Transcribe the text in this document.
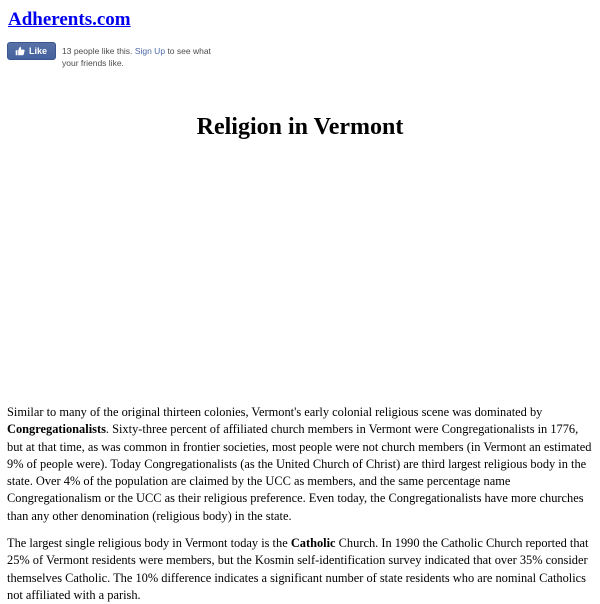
Adherents.com
Like 13 people like this. Sign Up to see what your friends like.
Religion in Vermont

Similar to many of the original thirteen colonies, Vermont's early colonial religious scene was dominated by Congregationalists. Sixty-three percent of affiliated church members in Vermont were Congregationalists in 1776, but at that time, as was common in frontier societies, most people were not church members (in Vermont an estimated 9% of people were). Today Congregationalists (as the United Church of Christ) are third largest religious body in the state. Over 4% of the population are claimed by the UCC as members, and the same percentage name Congregationalism or the UCC as their religious preference. Even today, the Congregationalists have more churches than any other denomination (religious body) in the state.

The largest single religious body in Vermont today is the Catholic Church. In 1990 the Catholic Church reported that 25% of Vermont residents were members, but the Kosmin self-identification survey indicated that over 35% consider themselves Catholic. The 10% difference indicates a significant number of state residents who are nominal Catholics not affiliated with a parish.
